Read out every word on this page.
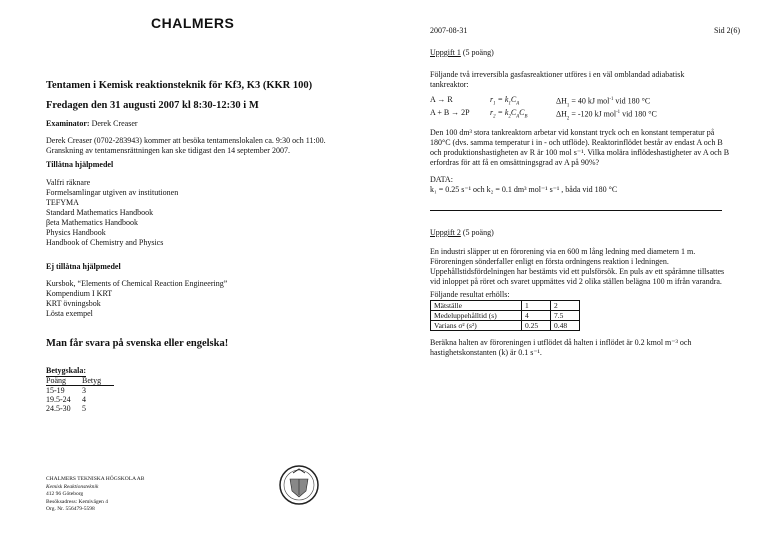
CHALMERS	2007-08-31	Sid 2(6)
Tentamen i Kemisk reaktionsteknik för Kf3, K3 (KKR 100)
Fredagen den 31 augusti 2007 kl 8:30-12:30 i M
Examinator: Derek Creaser
Derek Creaser (0702-283943) kommer att besöka tentamenslokalen ca. 9:30 och 11:00.
Granskning av tentamensrättningen kan ske tidigast den 14 september 2007.
Tillåtna hjälpmedel
Valfri räknare
Formelsamlingar utgiven av institutionen
TEFYMA
Standard Mathematics Handbook
βeta Mathematics Handbook
Physics Handbook
Handbook of Chemistry and Physics
Ej tillåtna hjälpmedel
Kursbok, “Elements of Chemical Reaction Engineering”
Kompendium I KRT
KRT övningsbok
Lösta exempel
Man får svara på svenska eller engelska!
Betygskala:
Poäng	Betyg
15-19	3
19.5-24	4
24.5-30	5
CHALMERS TEKNISKA HÖGSKOLA AB
Kemisk Reaktionsteknik
412 96 Göteborg
Besöksadress: Kemivägen 4
Org. Nr. 556479-5598
Uppgift 1 (5 poäng)
Följande två irreversibla gasfasreaktioner utföres i en väl omblandad adiabatisk
tankreaktor:
A → R	$r_1 = k_1C_A$	$\Delta H_1 = 40$ kJ mol$^{-1}$ vid 180 °C
A + B → 2P	$r_2 = k_2C_AC_B$	$\Delta H_2 = -120$ kJ mol$^{-1}$ vid 180 °C
Den 100 dm³ stora tankreaktorn arbetar vid konstant tryck och en konstant temperatur på
180°C (dvs. samma temperatur i in - och utflöde). Reaktorinflödet består av endast A och B
och produktionshastigheten av R är 100 mol s⁻¹. Vilka molära inflödeshastigheter av A och B
erfordras för att få en omsättningsgrad av A på 90%?
DATA:
k₁ = 0.25 s⁻¹ och k₂ = 0.1 dm³ mol⁻¹ s⁻¹ , båda vid 180 °C
Uppgift 2 (5 poäng)
En industri släpper ut en förorening via en 600 m lång ledning med diametern 1 m.
Föroreningen sönderfaller enligt en första ordningens reaktion i ledningen.
Uppehållstidsfördelningen har bestämts vid ett pulsförsök. En puls av ett spårämne tillsattes
vid inloppet på röret och svaret uppmättes vid 2 olika ställen belägna 100 m ifrån varandra.
Följande resultat erhölls:
Mätställe	1	2
Medeluppehålltid (s)	4	7.5
Varians σ² (s²)	0.25	0.48
Beräkna halten av föroreningen i utflödet då halten i inflödet är 0.2 kmol m⁻³ och
hastighetskonstanten (k) är 0.1 s⁻¹.
